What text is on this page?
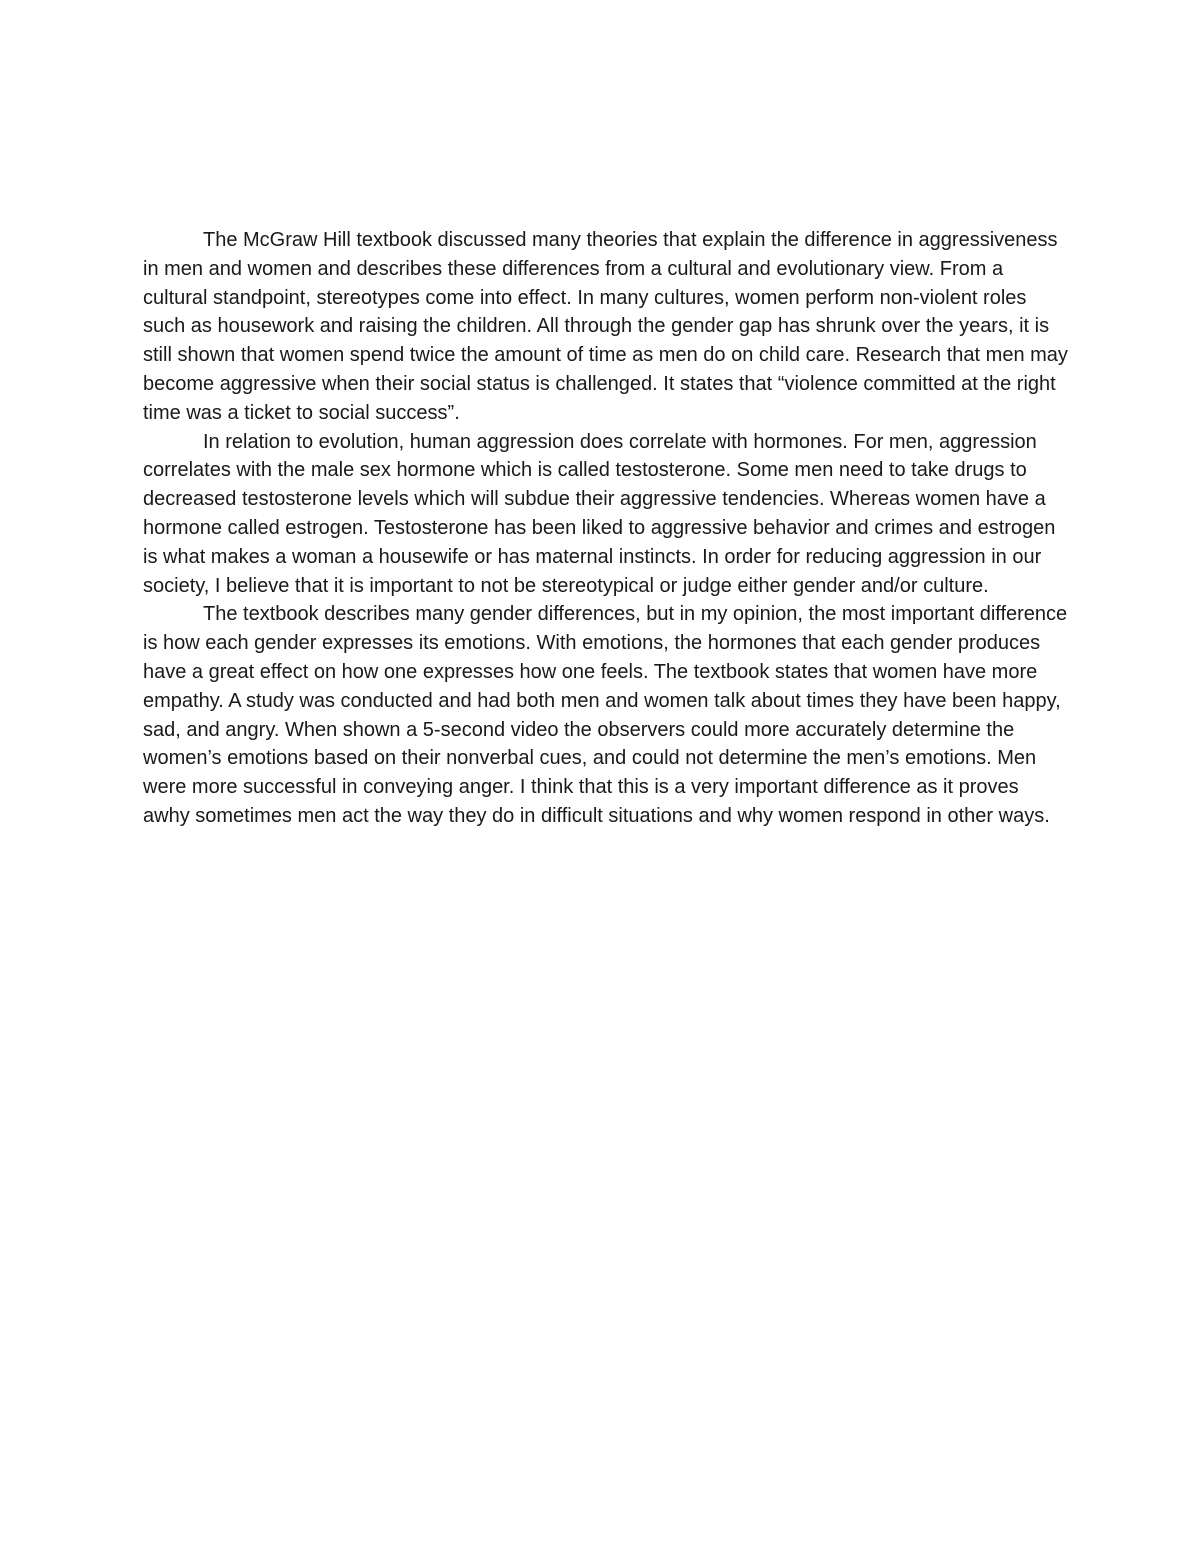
The McGraw Hill textbook discussed many theories that explain the difference in aggressiveness in men and women and describes these differences from a cultural and evolutionary view. From a cultural standpoint, stereotypes come into effect. In many cultures, women perform non-violent roles such as housework and raising the children. All through the gender gap has shrunk over the years, it is still shown that women spend twice the amount of time as men do on child care. Research that men may become aggressive when their social status is challenged. It states that “violence committed at the right time was a ticket to social success”.

In relation to evolution, human aggression does correlate with hormones. For men, aggression correlates with the male sex hormone which is called testosterone. Some men need to take drugs to decreased testosterone levels which will subdue their aggressive tendencies. Whereas women have a hormone called estrogen. Testosterone has been liked to aggressive behavior and crimes and estrogen is what makes a woman a housewife or has maternal instincts. In order for reducing aggression in our society, I believe that it is important to not be stereotypical or judge either gender and/or culture.

The textbook describes many gender differences, but in my opinion, the most important difference is how each gender expresses its emotions. With emotions, the hormones that each gender produces have a great effect on how one expresses how one feels. The textbook states that women have more empathy. A study was conducted and had both men and women talk about times they have been happy, sad, and angry. When shown a 5-second video the observers could more accurately determine the women’s emotions based on their nonverbal cues, and could not determine the men’s emotions. Men were more successful in conveying anger. I think that this is a very important difference as it proves awhy sometimes men act the way they do in difficult situations and why women respond in other ways.
